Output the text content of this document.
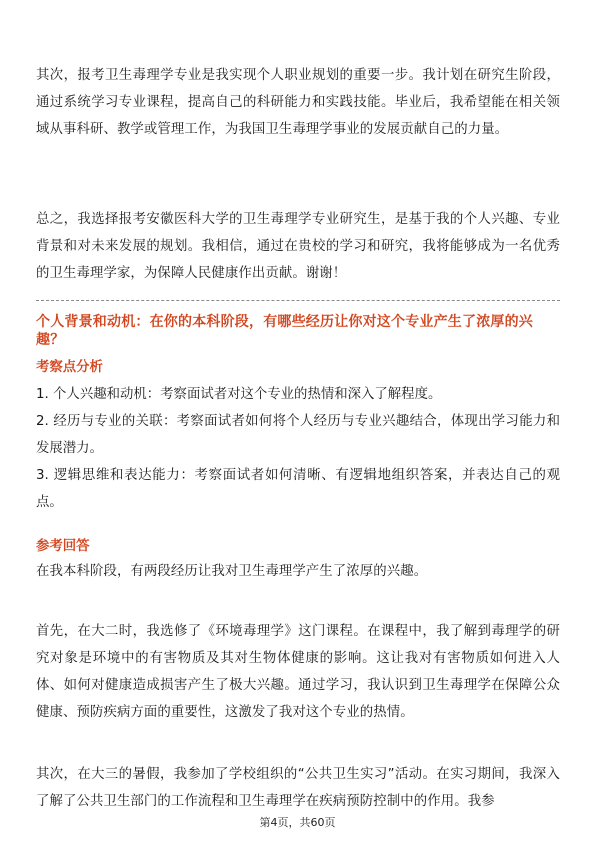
其次，报考卫生毒理学专业是我实现个人职业规划的重要一步。我计划在研究生阶段，通过系统学习专业课程，提高自己的科研能力和实践技能。毕业后，我希望能在相关领域从事科研、教学或管理工作，为我国卫生毒理学事业的发展贡献自己的力量。

总之，我选择报考安徽医科大学的卫生毒理学专业研究生，是基于我的个人兴趣、专业背景和对未来发展的规划。我相信，通过在贵校的学习和研究，我将能够成为一名优秀的卫生毒理学家，为保障人民健康作出贡献。谢谢！

个人背景和动机：在你的本科阶段，有哪些经历让你对这个专业产生了浓厚的兴趣？

考察点分析

1. 个人兴趣和动机：考察面试者对这个专业的热情和深入了解程度。

2. 经历与专业的关联：考察面试者如何将个人经历与专业兴趣结合，体现出学习能力和发展潜力。

3. 逻辑思维和表达能力：考察面试者如何清晰、有逻辑地组织答案，并表达自己的观点。

参考回答

在我本科阶段，有两段经历让我对卫生毒理学产生了浓厚的兴趣。

首先，在大二时，我选修了《环境毒理学》这门课程。在课程中，我了解到毒理学的研究对象是环境中的有害物质及其对生物体健康的影响。这让我对有害物质如何进入人体、如何对健康造成损害产生了极大兴趣。通过学习，我认识到卫生毒理学在保障公众健康、预防疾病方面的重要性，这激发了我对这个专业的热情。

其次，在大三的暑假，我参加了学校组织的“公共卫生实习”活动。在实习期间，我深入了解了公共卫生部门的工作流程和卫生毒理学在疾病预防控制中的作用。我参

第4页，共60页
